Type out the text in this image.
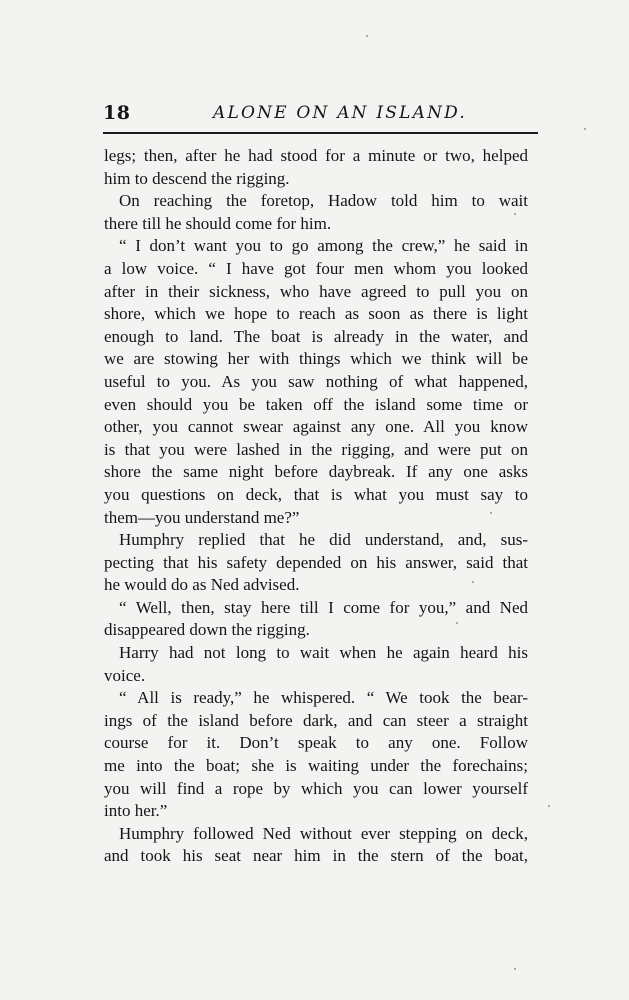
18	ALONE ON AN ISLAND.
legs; then, after he had stood for a minute or two, helped
him to descend the rigging.
On reaching the foretop, Hadow told him to wait
there till he should come for him.
“ I don’t want you to go among the crew,” he said in
a low voice. “ I have got four men whom you looked
after in their sickness, who have agreed to pull you on
shore, which we hope to reach as soon as there is light
enough to land. The boat is already in the water, and
we are stowing her with things which we think will be
useful to you. As you saw nothing of what happened,
even should you be taken off the island some time or
other, you cannot swear against any one. All you know
is that you were lashed in the rigging, and were put on
shore the same night before daybreak. If any one asks
you questions on deck, that is what you must say to
them—you understand me?”
Humphry replied that he did understand, and, sus-
pecting that his safety depended on his answer, said that
he would do as Ned advised.
“ Well, then, stay here till I come for you,” and Ned
disappeared down the rigging.
Harry had not long to wait when he again heard his
voice.
“ All is ready,” he whispered. “ We took the bear-
ings of the island before dark, and can steer a straight
course for it. Don’t speak to any one. Follow
me into the boat; she is waiting under the forechains;
you will find a rope by which you can lower yourself
into her.”
Humphry followed Ned without ever stepping on deck,
and took his seat near him in the stern of the boat,
